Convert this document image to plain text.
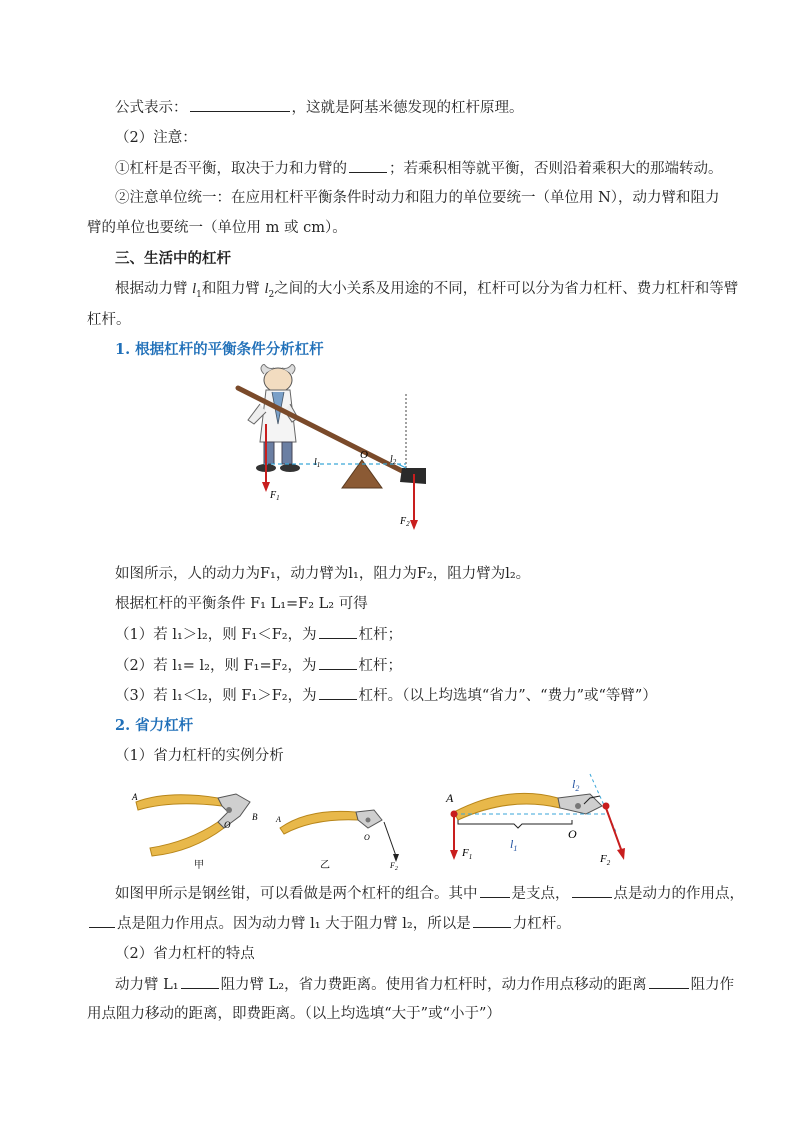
公式表示：	，这就是阿基米德发现的杠杆原理。
（2）注意：
①杠杆是否平衡，取决于力和力臂的	；若乘积相等就平衡，否则沿着乘积大的那端转动。
②注意单位统一：在应用杠杆平衡条件时动力和阻力的单位要统一（单位用 N），动力臂和阻力
臂的单位也要统一（单位用 m 或 cm）。
三、生活中的杠杆
根据动力臂 $l_1$和阻力臂 $l_2$之间的大小关系及用途的不同，杠杆可以分为省力杠杆、费力杠杆和等臂
杠杆。
1. 根据杠杆的平衡条件分析杠杆
O
$l_1$	$l_2$
$F_1$
$F_2$
如图所示，人的动力为F₁，动力臂为l₁，阻力为F₂，阻力臂为l₂。
根据杠杆的平衡条件 F₁ L₁=F₂ L₂ 可得
（1）若 l₁＞l₂，则 F₁＜F₂，为	杠杆；
（2）若 l₁= l₂，则 F₁=F₂，为	杠杆；
（3）若 l₁＜l₂，则 F₁＞F₂，为	杠杆。（以上均选填“省力”、“费力”或“等臂”）
2. 省力杠杆
（1）省力杠杆的实例分析
A
O
B
甲
A
O
$F_2$
乙
A
O
$l_1$
$l_2$
$F_1$	$F_2$
如图甲所示是钢丝钳，可以看做是两个杠杆的组合。其中 是支点，	点是动力的作用点，
点是阻力作用点。因为动力臂 l₁ 大于阻力臂 l₂，所以是	力杠杆。
（2）省力杠杆的特点
动力臂 L₁	阻力臂 L₂，省力费距离。使用省力杠杆时，动力作用点移动的距离	阻力作
用点阻力移动的距离，即费距离。（以上均选填“大于”或“小于”）
